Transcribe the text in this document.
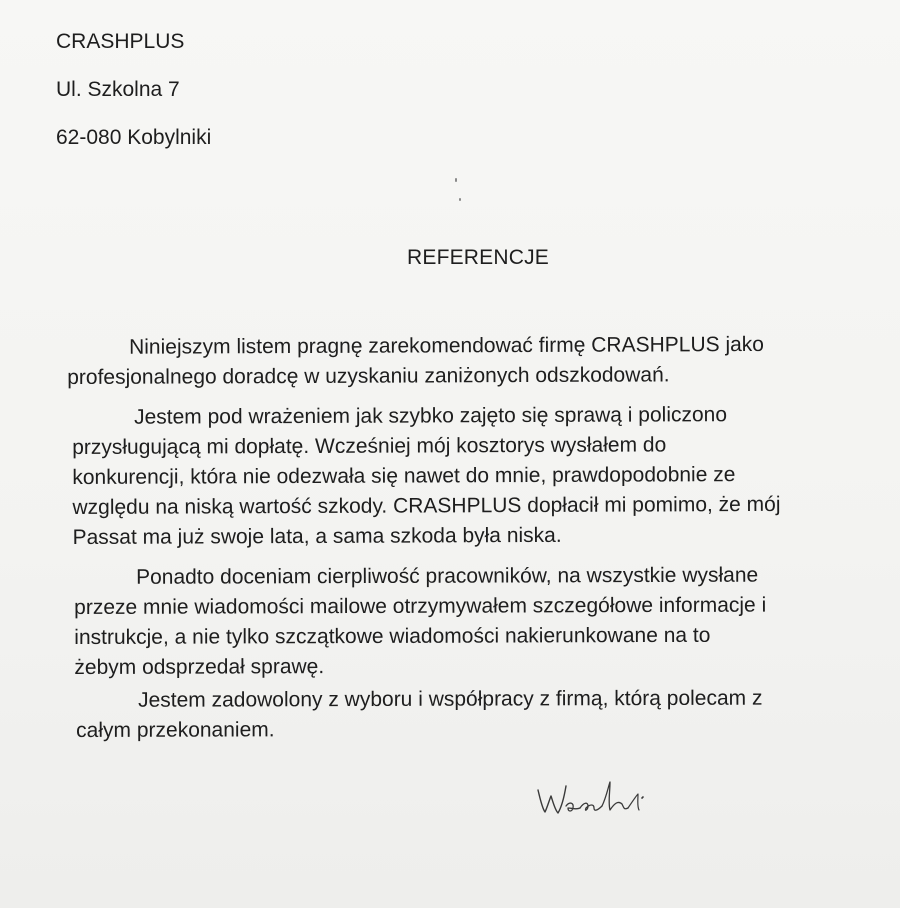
CRASHPLUS
Ul. Szkolna 7
62-080 Kobylniki
REFERENCJE
Niniejszym listem pragnę zarekomendować firmę CRASHPLUS jako
profesjonalnego doradcę w uzyskaniu zaniżonych odszkodowań.
Jestem pod wrażeniem jak szybko zajęto się sprawą i policzono
przysługującą mi dopłatę. Wcześniej mój kosztorys wysłałem do
konkurencji, która nie odezwała się nawet do mnie, prawdopodobnie ze
względu na niską wartość szkody. CRASHPLUS dopłacił mi pomimo, że mój
Passat ma już swoje lata, a sama szkoda była niska.
Ponadto doceniam cierpliwość pracowników, na wszystkie wysłane
przeze mnie wiadomości mailowe otrzymywałem szczegółowe informacje i
instrukcje, a nie tylko szczątkowe wiadomości nakierunkowane na to
żebym odsprzedał sprawę.
Jestem zadowolony z wyboru i współpracy z firmą, którą polecam z
całym przekonaniem.
